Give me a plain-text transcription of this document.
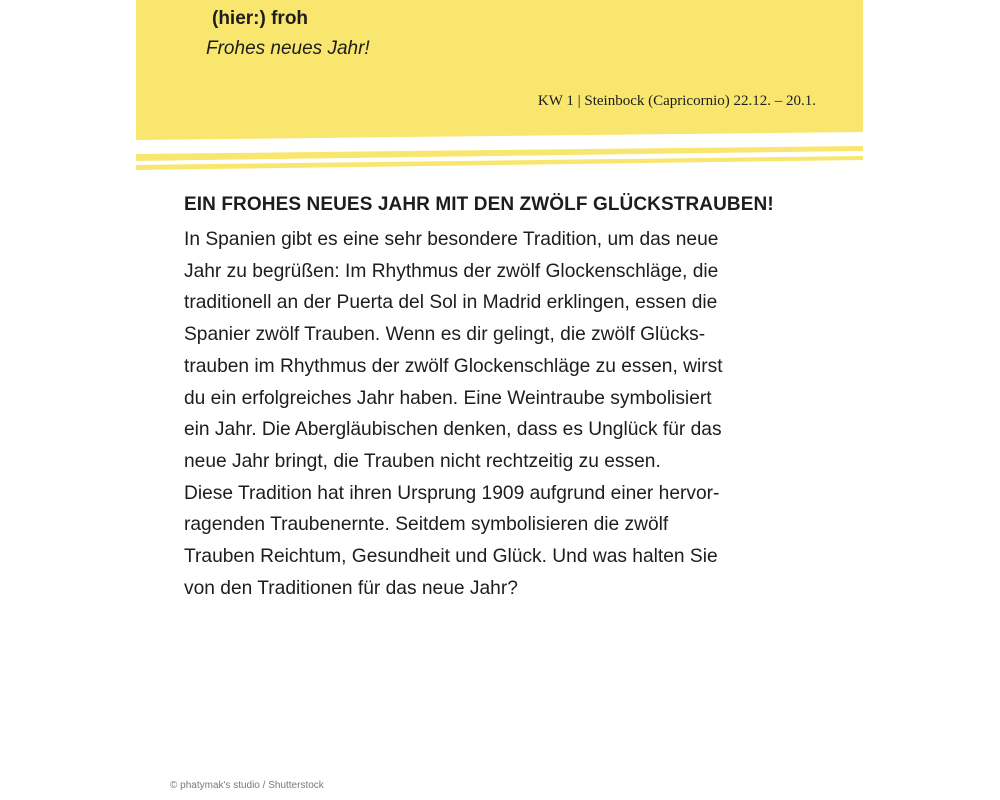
(hier:) froh
Frohes neues Jahr!
KW 1 | Steinbock (Capricornio) 22.12. – 20.1.
EIN FROHES NEUES JAHR MIT DEN ZWÖLF GLÜCKSTRAUBEN!

In Spanien gibt es eine sehr besondere Tradition, um das neue
Jahr zu begrüßen: Im Rhythmus der zwölf Glockenschläge, die
traditionell an der Puerta del Sol in Madrid erklingen, essen die
Spanier zwölf Trauben. Wenn es dir gelingt, die zwölf Glücks-
trauben im Rhythmus der zwölf Glockenschläge zu essen, wirst
du ein erfolgreiches Jahr haben. Eine Weintraube symbolisiert
ein Jahr. Die Abergläubischen denken, dass es Unglück für das
neue Jahr bringt, die Trauben nicht rechtzeitig zu essen.
Diese Tradition hat ihren Ursprung 1909 aufgrund einer hervor-
ragenden Traubenernte. Seitdem symbolisieren die zwölf
Trauben Reichtum, Gesundheit und Glück. Und was halten Sie
von den Traditionen für das neue Jahr?

© phatymak's studio / Shutterstock
